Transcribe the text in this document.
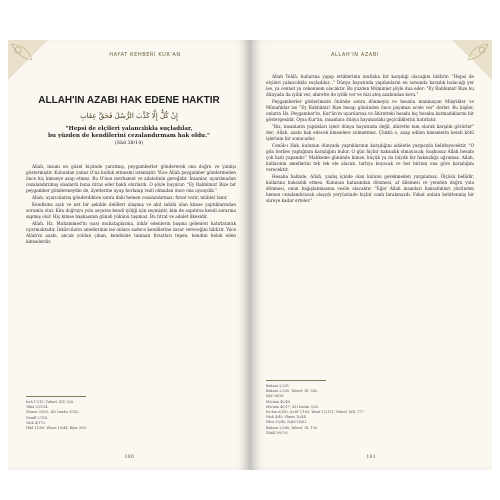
HAYAT REHBERİ KUR'AN
ALLAH'IN AZABI HAK EDENE HAKTIR
إِنْ كُلٌّ إِلَّا كَذَّبَ الرُّسُلَ فَحَقَّ عِقَابِ
"Hepsi de elçileri yalancılıkla suçladılar,
bu yüzden de kendilerini cezalandırmam hak oldu."
(Sâd 38/14)

Allah, insanı en güzel biçimde yaratmış, peygamberler göndererek ona doğru ve yanlışı göstermiştir. Kulundan yalnız O'na kulluk etmesini istemiştir. Yüce Allah peygamber göndermeden önce hiç kimseye azap etmez. Bu O'nun merhamet ve adaletinin gereğidir. İnsanlar, uyarılmadan cezalandırılmış olsalardı buna itiraz eder haklı olurlardı. O şöyle buyurur: "Ey Rabbimiz! Bize bir peygamber göndermeydin de, âyetlerine uyup horlanıp rezil olmadan önce ona uysaydık."

Allah, uyarıcılarını gönderdikten sonra dahi hemen cezalandırmaz; fırsat verir, mühlet tanır.

Kendisine açık ve net bir şekilde delilleri ulaşmış ve akıl sahibi olan kimse yaptıklarından sorumlu olur. Kim doğruyu yolu seçerse kendi iyiliği için seçmiştir, kim de sapıtırsa kendi zararına sapmış olur. Hiç kimse başkasının günah yükünü taşımaz. Bu fıtrat ve adalet ilkesidir.

Allah, Hz. Muhammed'in (sas) muhataplarına, inkâr edenlerin başına gelenleri hatırlatarak uyarmaktadır. İnkârcıların amellerinin ise onlara sadece kendilerine zarar vereceğini bildirir. Yüce Allah'ın azabı, ancak yoldan çıkan, kendisine tanınan fırsatları tepen, kendini helak eden kimselerdir.

İsrâ 17/15; Taberî, XIV, 526.
Tâhâ 20/134.
Zümer 39/53; Âl-i İmrân 3/182.
Nemlî 27/16.
Nisâ 4/173.
Hûd 11/89; Yûnus 10/44; Rûm 30/9.
180
ALLAH'IN AZABI

Allah Teâlâ, kullarına yapıp ettiklerinin mutlaka bir karşılığı olacağını bildirir: "Hepsi de elçileri yalancılıkla suçladılar..." Dünya hayatında yapılanların en sonunda karşılık bulacağı yer ise, ya cennet ya cehennem olacaktır. Bu yüzden Müminler şöyle dua eder: "Ey Rabbimiz! Bize bu dünyada da iyilik ver, ahirette de iyilik ver ve bizi ateş azabından koru."

Peygamberler gözlerimizin önünde sonra dönmeyiz ve hesaba inanmayan Müşrikler ve Münafıklar ise "Ey Rabbimiz! Bize hesap gününden önce payımızı acele ver" derler. Bu kişiler, onların Hz. Peygamber'in, Kur'ân'ın uyarılarına ve âhiretteki hesabı hiç hesaba katmadıklarını bir göstergesidir. Oysa Kur'ân, insanlara dünya hayatındaki geçiciliklerini hatırlatır.

"Biz, insanların yaptıkları işleri dünya hayatında değil, ahirette tam olarak karşılık görürler" der; Allah, azabı hak edecek kimselere zulmetmez. Çünkü o, azap edilen kimselerin kendi kötü işlerinin bir sonucudur.

Cenâb-ı Hak, kulunun dünyada yaptıklarının karşılığını adaletle yargısıyla belirleyecektir. "O gün herkes yaptığının karşılığını bulur. O gün hiçbir haksızlık olmayacak; kuşkusuz Allah hesabı çok hızlı yapandır." Mahkeme gününde kimse, küçük ya da büyük bir haksızlığa uğramaz. Allah, kullarının amellerini tek tek ele alacak, tartıya koyacak ve her birinin ona göre karşılığını verecektir.

Hesaba halinde, Allah, yanlış içinde olan kulunu gerekmeden yargılamaz. Ölçüsü bellidir, kullarına haksızlık etmez. Kulunun hatasından dönmesi, af dilemesi ve yeniden doğru yola dönmesi, onun bağışlanmasına vesile olacaktır. "Eğer Allah insanları haksızlıkları yüzünden hemen cezalandıracak olsaydı yeryüzünde hiçbir canlı bırakmazdı. Fakat onlara belirlenmiş bir süreye kadar erteler."

Bakara 2/201.
Bakara 2/200; Taberî, III, 543.
Sâd 38/16.
Mü'min 40/40.
Mü'min 40/17; Âl-i İmrân 3/25.
En'âm 6/160; A'râf 7/169; Yûsuf 12/111; Taberî, XIX, 177.
Nisâ 4/40; Yûnus 10/44.
Fâtır 35/45; Nahl 16/61.
Bakara 2/286; Taberî, III, 155.
Zilzâl 99/7-8.
181
